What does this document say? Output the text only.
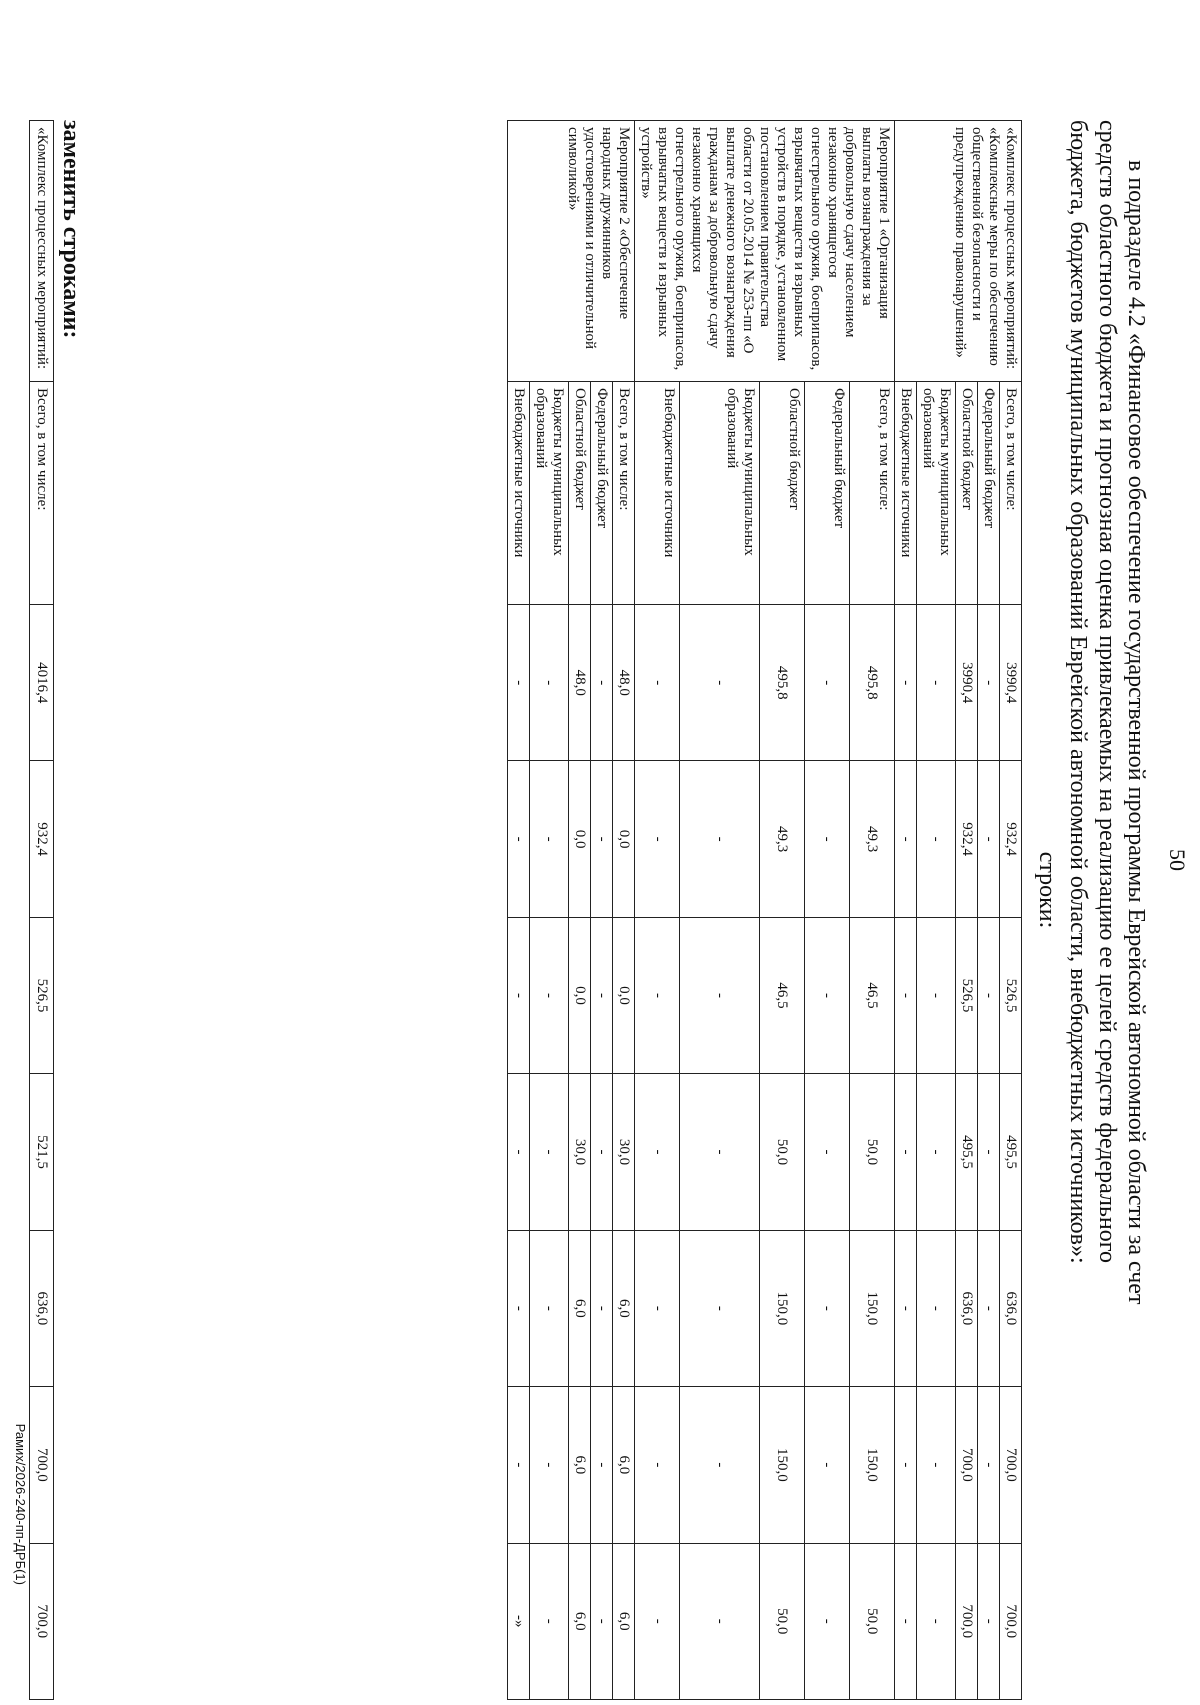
50
в подразделе 4.2 «Финансовое обеспечение государственной программы Еврейской автономной области за счет
средств областного бюджета и прогнозная оценка привлекаемых на реализацию ее целей средств федерального
бюджета, бюджетов муниципальных образований Еврейской автономной области, внебюджетных источников»:
строки:
«Комплекс процессных мероприятий: «Комплексные меры по обеспечению общественной безопасности и предупреждению правонарушений»	Всего, в том числе:	3990,4	932,4	526,5	495,5	636,0	700,0	700,0
	Федеральный бюджет	-	-	-	-	-	-	-
	Областной бюджет	3990,4	932,4	526,5	495,5	636,0	700,0	700,0
	Бюджеты муниципальных образований	-	-	-	-	-	-	-
	Внебюджетные источники	-	-	-	-	-	-	-
Мероприятие 1 «Организация выплаты вознаграждения за добровольную сдачу населением незаконно хранящегося огнестрельного оружия, боеприпасов, взрывчатых веществ и взрывных устройств в порядке, установленном постановлением правительства области от 20.05.2014 № 253-пп «О выплате денежного вознаграждения гражданам за добровольную сдачу незаконно хранящихся огнестрельного оружия, боеприпасов, взрывчатых веществ и взрывных устройств»	Всего, в том числе:	495,8	49,3	46,5	50,0	150,0	150,0	50,0
	Федеральный бюджет	-	-	-	-	-	-	-
	Областной бюджет	495,8	49,3	46,5	50,0	150,0	150,0	50,0
	Бюджеты муниципальных образований	-	-	-	-	-	-	-
	Внебюджетные источники	-	-	-	-	-	-	-
Мероприятие 2 «Обеспечение народных дружинников удостоверениями и отличительной символикой»	Всего, в том числе:	48,0	0,0	0,0	30,0	6,0	6,0	6,0
	Федеральный бюджет	-	-	-	-	-	-	-
	Областной бюджет	48,0	0,0	0,0	30,0	6,0	6,0	6,0
	Бюджеты муниципальных образований	-	-	-	-	-	-	-
	Внебюджетные источники	-	-	-	-	-	-	-»
заменить строками:
«Комплекс процессных мероприятий:	Всего, в том числе:	4016,4	932,4	526,5	521,5	636,0	700,0	700,0
Рамих/2026-240-пп-ДРБ(1)
